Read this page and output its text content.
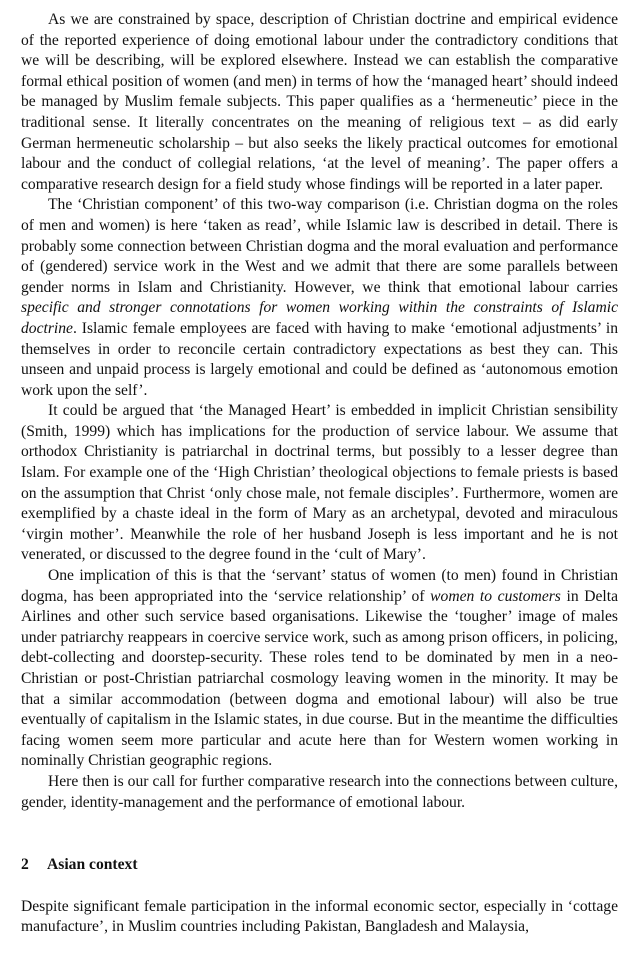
As we are constrained by space, description of Christian doctrine and empirical evidence of the reported experience of doing emotional labour under the contradictory conditions that we will be describing, will be explored elsewhere. Instead we can establish the comparative formal ethical position of women (and men) in terms of how the ‘managed heart’ should indeed be managed by Muslim female subjects. This paper qualifies as a ‘hermeneutic’ piece in the traditional sense. It literally concentrates on the meaning of religious text – as did early German hermeneutic scholarship – but also seeks the likely practical outcomes for emotional labour and the conduct of collegial relations, ‘at the level of meaning’. The paper offers a comparative research design for a field study whose findings will be reported in a later paper.

The ‘Christian component’ of this two-way comparison (i.e. Christian dogma on the roles of men and women) is here ‘taken as read’, while Islamic law is described in detail. There is probably some connection between Christian dogma and the moral evaluation and performance of (gendered) service work in the West and we admit that there are some parallels between gender norms in Islam and Christianity. However, we think that emotional labour carries specific and stronger connotations for women working within the constraints of Islamic doctrine. Islamic female employees are faced with having to make ‘emotional adjustments’ in themselves in order to reconcile certain contradictory expectations as best they can. This unseen and unpaid process is largely emotional and could be defined as ‘autonomous emotion work upon the self’.

It could be argued that ‘the Managed Heart’ is embedded in implicit Christian sensibility (Smith, 1999) which has implications for the production of service labour. We assume that orthodox Christianity is patriarchal in doctrinal terms, but possibly to a lesser degree than Islam. For example one of the ‘High Christian’ theological objections to female priests is based on the assumption that Christ ‘only chose male, not female disciples’. Furthermore, women are exemplified by a chaste ideal in the form of Mary as an archetypal, devoted and miraculous ‘virgin mother’. Meanwhile the role of her husband Joseph is less important and he is not venerated, or discussed to the degree found in the ‘cult of Mary’.

One implication of this is that the ‘servant’ status of women (to men) found in Christian dogma, has been appropriated into the ‘service relationship’ of women to customers in Delta Airlines and other such service based organisations. Likewise the ‘tougher’ image of males under patriarchy reappears in coercive service work, such as among prison officers, in policing, debt-collecting and doorstep-security. These roles tend to be dominated by men in a neo-Christian or post-Christian patriarchal cosmology leaving women in the minority. It may be that a similar accommodation (between dogma and emotional labour) will also be true eventually of capitalism in the Islamic states, in due course. But in the meantime the difficulties facing women seem more particular and acute here than for Western women working in nominally Christian geographic regions.

Here then is our call for further comparative research into the connections between culture, gender, identity-management and the performance of emotional labour.

2 Asian context

Despite significant female participation in the informal economic sector, especially in ‘cottage manufacture’, in Muslim countries including Pakistan, Bangladesh and Malaysia,
